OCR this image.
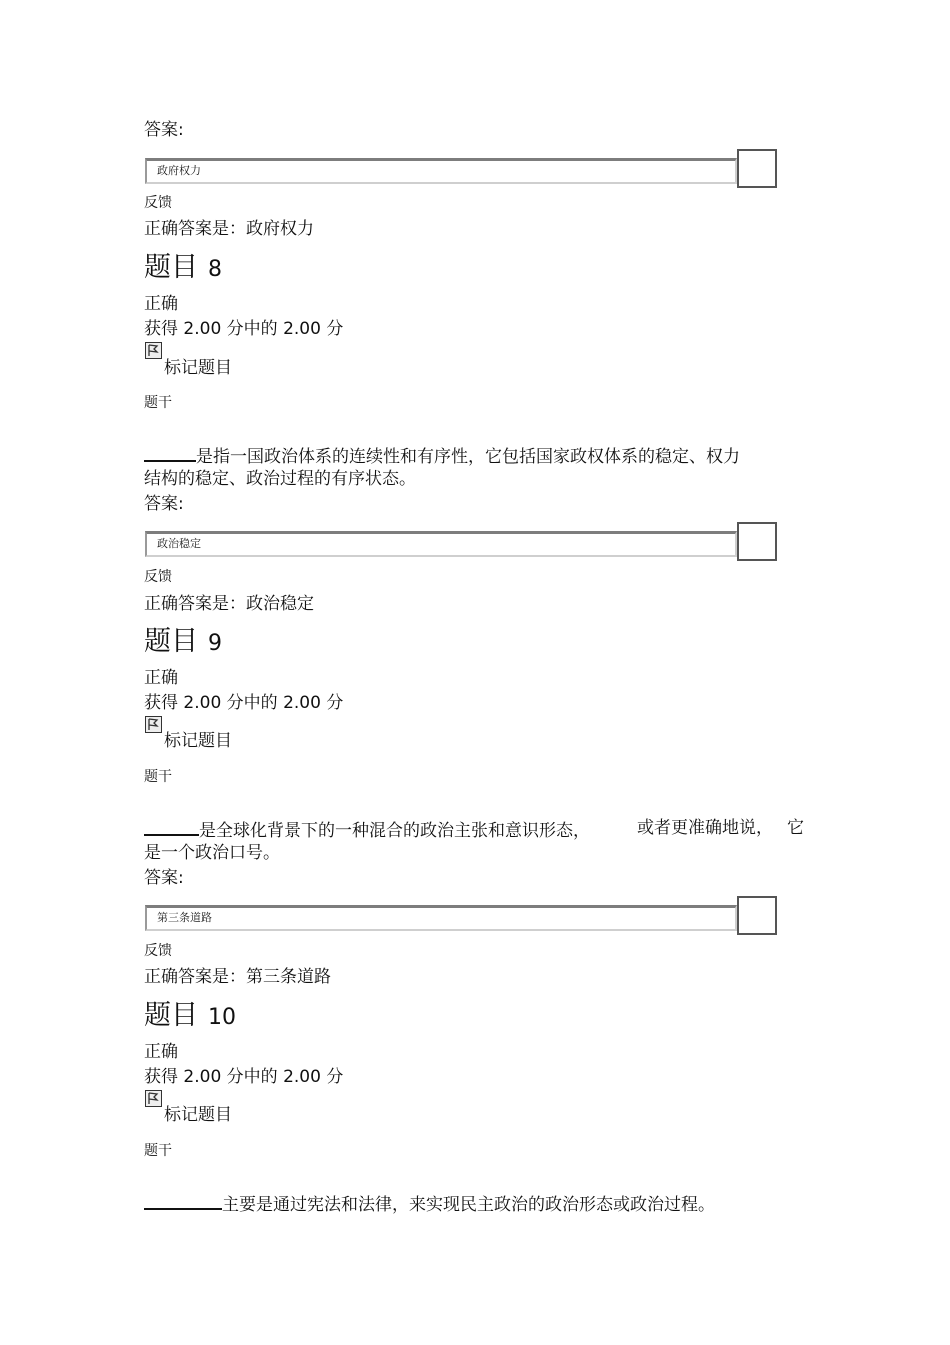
答案:
政府权力
反馈
正确答案是：政府权力
题目 8
正确
获得 2.00 分中的 2.00 分
标记题目
题干
是指一国政治体系的连续性和有序性，它包括国家政权体系的稳定、权力
结构的稳定、政治过程的有序状态。
答案:
政治稳定
反馈
正确答案是：政治稳定
题目 9
正确
获得 2.00 分中的 2.00 分
标记题目
题干
是全球化背景下的一种混合的政治主张和意识形态，	或者更准确地说， 它
是一个政治口号。
答案:
第三条道路
反馈
正确答案是：第三条道路
题目 10
正确
获得 2.00 分中的 2.00 分
标记题目
题干
主要是通过宪法和法律，来实现民主政治的政治形态或政治过程。
